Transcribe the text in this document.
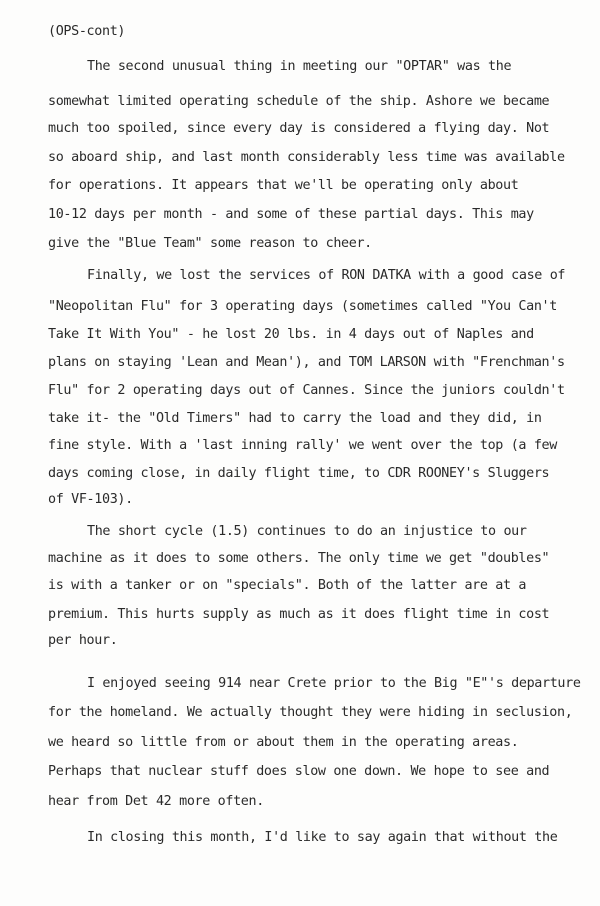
(OPS-cont)
The second unusual thing in meeting our "OPTAR" was the
somewhat limited operating schedule of the ship. Ashore we became
much too spoiled, since every day is considered a flying day. Not
so aboard ship, and last month considerably less time was available
for operations. It appears that we'll be operating only about
10-12 days per month - and some of these partial days. This may
give the "Blue Team" some reason to cheer.
Finally, we lost the services of RON DATKA with a good case of
"Neopolitan Flu" for 3 operating days (sometimes called "You Can't
Take It With You" - he lost 20 lbs. in 4 days out of Naples and
plans on staying 'Lean and Mean'), and TOM LARSON with "Frenchman's
Flu" for 2 operating days out of Cannes. Since the juniors couldn't
take it- the "Old Timers" had to carry the load and they did, in
fine style. With a 'last inning rally' we went over the top (a few
days coming close, in daily flight time, to CDR ROONEY's Sluggers
of VF-103).
The short cycle (1.5) continues to do an injustice to our
machine as it does to some others. The only time we get "doubles"
is with a tanker or on "specials". Both of the latter are at a
premium. This hurts supply as much as it does flight time in cost
per hour.
I enjoyed seeing 914 near Crete prior to the Big "E"'s departure
for the homeland. We actually thought they were hiding in seclusion,
we heard so little from or about them in the operating areas.
Perhaps that nuclear stuff does slow one down. We hope to see and
hear from Det 42 more often.
In closing this month, I'd like to say again that without the
